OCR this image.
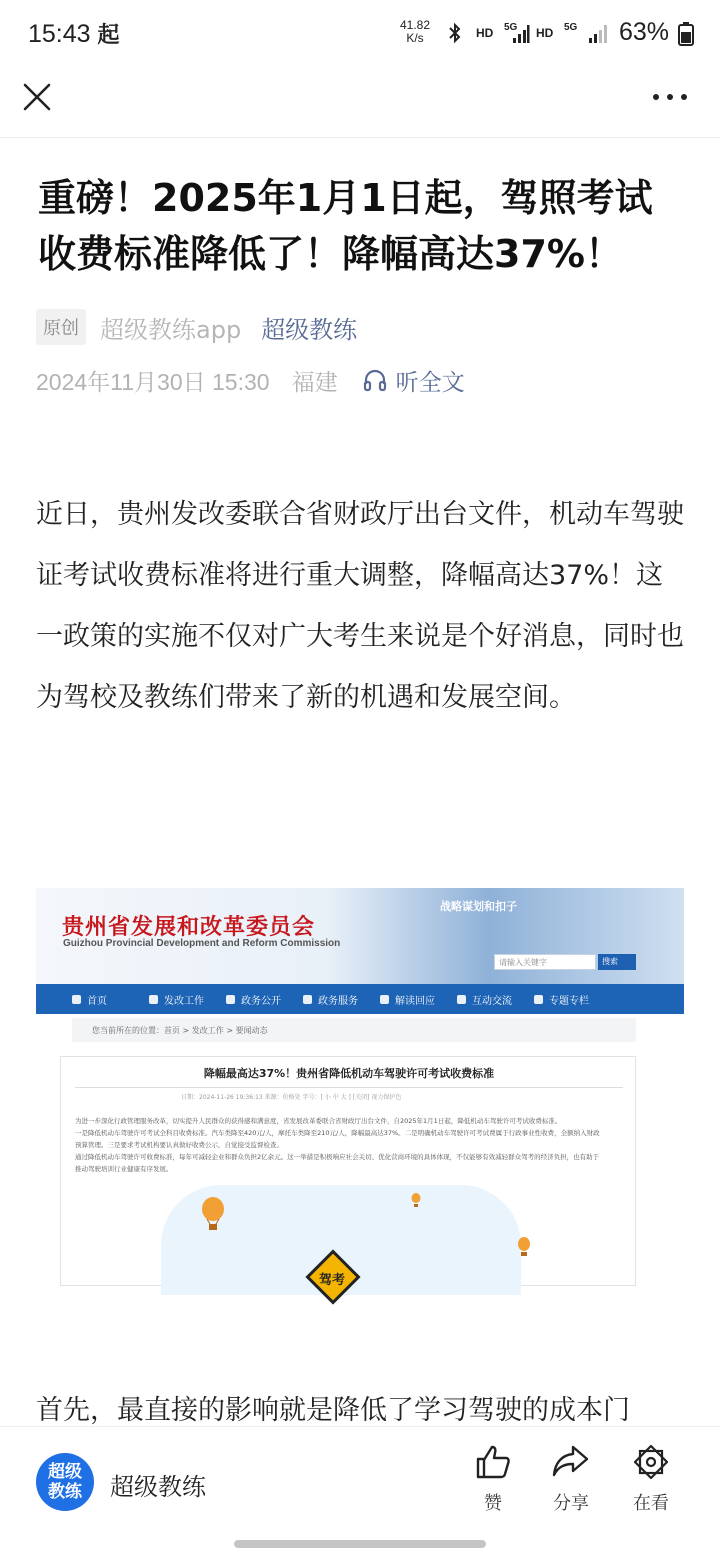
15:43 起	41.82
K/s	HD 5G HD 5G 63%
重磅！2025年1月1日起，驾照考试收费标准降低了！降幅高达37%！
原创 超级教练app 超级教练
2024年11月30日 15:30 福建	听全文

近日，贵州发改委联合省财政厅出台文件，机动车驾驶证考试收费标准将进行重大调整，降幅高达37%！这一政策的实施不仅对广大考生来说是个好消息，同时也为驾校及教练们带来了新的机遇和发展空间。

贵州省发展和改革委员会
Guizhou Provincial Development and Reform Commission
战略谋划和扣子
请输入关键字	搜索
首页	发改工作	政务公开	政务服务	解读回应	互动交流	专题专栏
您当前所在的位置：首页 > 发改工作 > 要闻动态
降幅最高达37%！贵州省降低机动车驾驶许可考试收费标准
日期：2024-11-26 19:36:13 来源：价格处 字号：[ 小 中 大 ] [关闭] 视力保护色
为进一步深化行政管理服务改革，切实提升人民群众的获得感和满意度，省发展改革委联合省财政厅出台文件，自2025年1月1日起，降低机动车驾驶许可考试收费标准。
一是降低机动车驾驶许可考试全科目收费标准。汽车类降至420元/人，摩托车类降至210元/人，降幅最高达37%。二是明确机动车驾驶许可考试费属于行政事业性收费，全额纳入财政
预算管理。三是要求考试机构要认真做好收费公示，自觉接受监督检查。
通过降低机动车驾驶许可收费标准，每年可减轻企业和群众负担2亿余元。这一举措是积极响应社会关切、优化营商环境的具体体现，不仅能够有效减轻群众驾考的经济负担，也有助于
推动驾驶培训行业健康有序发展。
驾考

首先，最直接的影响就是降低了学习驾驶的成本门

超级教练 超级教练
赞	分享	在看
